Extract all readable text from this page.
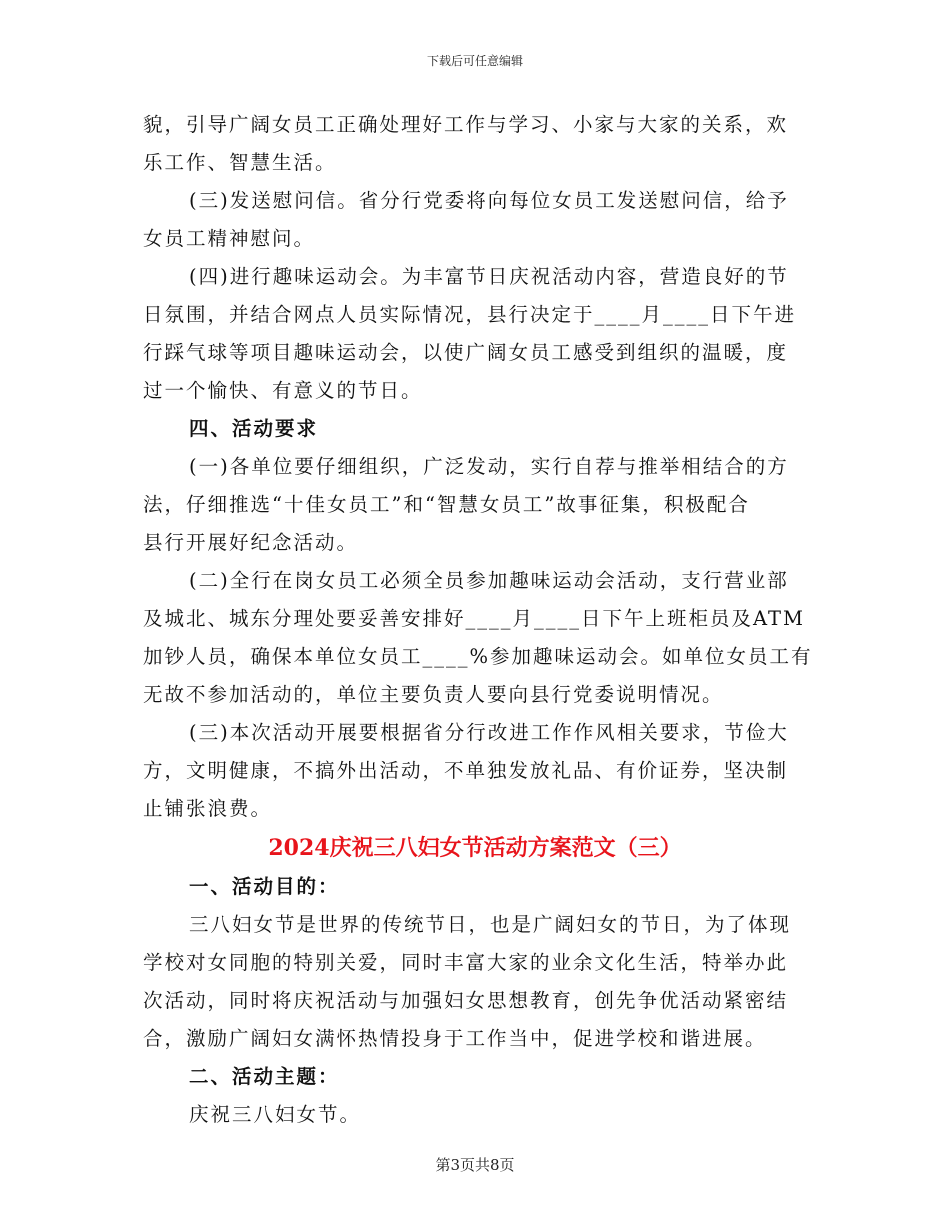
下载后可任意编辑
貌，引导广阔女员工正确处理好工作与学习、小家与大家的关系，欢
乐工作、智慧生活。
(三)发送慰问信。省分行党委将向每位女员工发送慰问信，给予
女员工精神慰问。
(四)进行趣味运动会。为丰富节日庆祝活动内容，营造良好的节
日氛围，并结合网点人员实际情况，县行决定于____月____日下午进
行踩气球等项目趣味运动会，以使广阔女员工感受到组织的温暖，度
过一个愉快、有意义的节日。
四、活动要求
(一)各单位要仔细组织，广泛发动，实行自荐与推举相结合的方
法，仔细推选“十佳女员工”和“智慧女员工”故事征集，积极配合
县行开展好纪念活动。
(二)全行在岗女员工必须全员参加趣味运动会活动，支行营业部
及城北、城东分理处要妥善安排好____月____日下午上班柜员及ATM
加钞人员，确保本单位女员工____%参加趣味运动会。如单位女员工有
无故不参加活动的，单位主要负责人要向县行党委说明情况。
(三)本次活动开展要根据省分行改进工作作风相关要求，节俭大
方，文明健康，不搞外出活动，不单独发放礼品、有价证券，坚决制
止铺张浪费。
2024庆祝三八妇女节活动方案范文（三）
一、活动目的：
三八妇女节是世界的传统节日，也是广阔妇女的节日，为了体现
学校对女同胞的特别关爱，同时丰富大家的业余文化生活，特举办此
次活动，同时将庆祝活动与加强妇女思想教育，创先争优活动紧密结
合，激励广阔妇女满怀热情投身于工作当中，促进学校和谐进展。
二、活动主题：
庆祝三八妇女节。
第3页共8页
